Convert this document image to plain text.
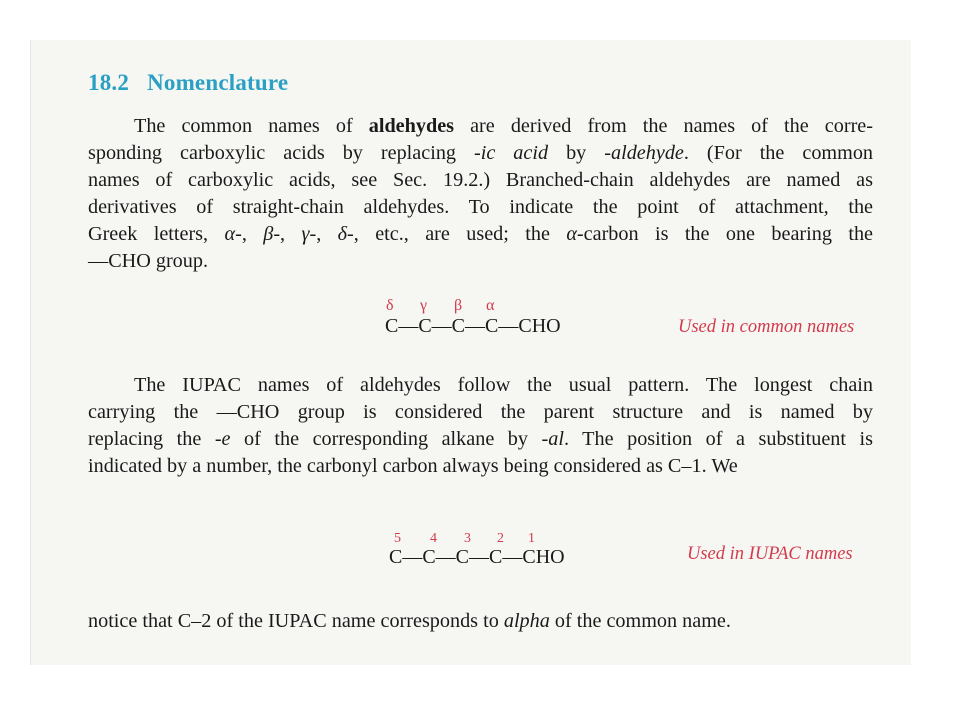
18.2 Nomenclature
The common names of aldehydes are derived from the names of the corre-
sponding carboxylic acids by replacing -ic acid by -aldehyde. (For the common
names of carboxylic acids, see Sec. 19.2.) Branched-chain aldehydes are named as
derivatives of straight-chain aldehydes. To indicate the point of attachment, the
Greek letters, α-, β-, γ-, δ-, etc., are used; the α-carbon is the one bearing the
—CHO group.
δ γ β α
C—C—C—C—CHO	Used in common names
The IUPAC names of aldehydes follow the usual pattern. The longest chain
carrying the —CHO group is considered the parent structure and is named by
replacing the -e of the corresponding alkane by -al. The position of a substituent is
indicated by a number, the carbonyl carbon always being considered as C–1. We
5 4 3 2 1
C—C—C—C—CHO	Used in IUPAC names
notice that C–2 of the IUPAC name corresponds to alpha of the common name.
